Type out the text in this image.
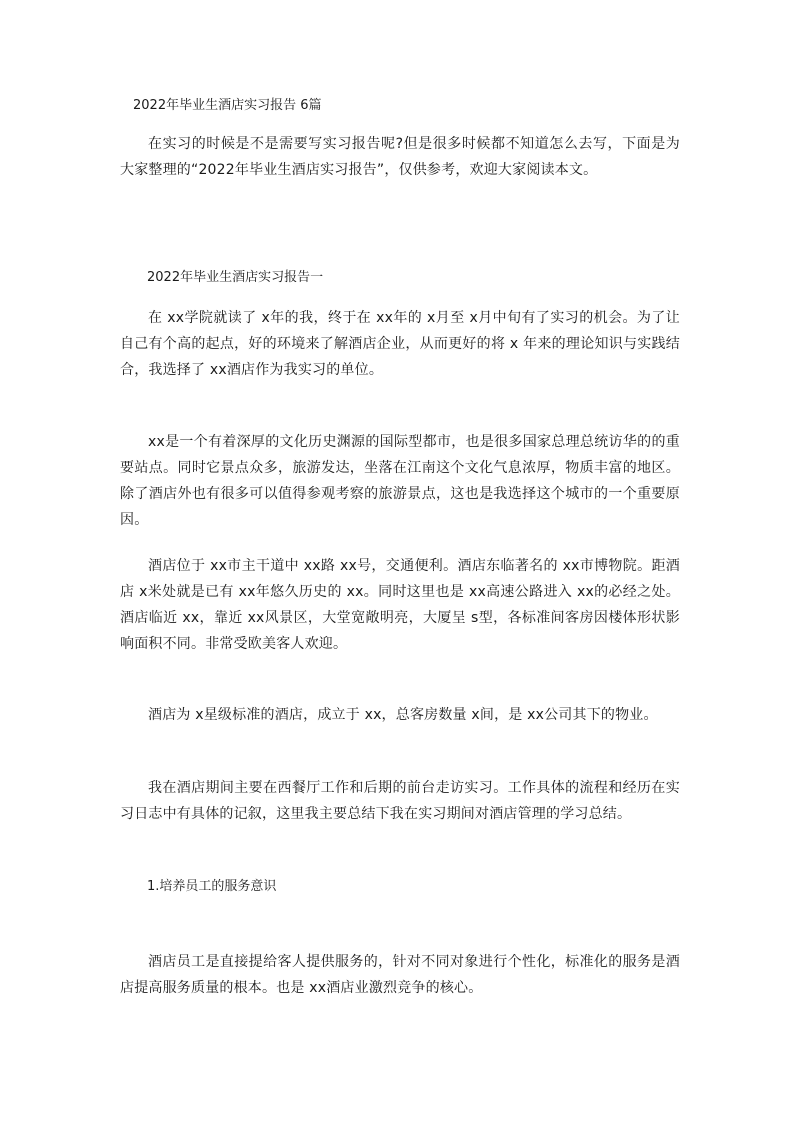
2022年毕业生酒店实习报告 6篇
在实习的时候是不是需要写实习报告呢?但是很多时候都不知道怎么去写，下面是为大家整理的“2022年毕业生酒店实习报告”，仅供参考，欢迎大家阅读本文。
2022年毕业生酒店实习报告一
在 xx学院就读了 x年的我，终于在 xx年的 x月至 x月中旬有了实习的机会。为了让自己有个高的起点，好的环境来了解酒店企业，从而更好的将 x 年来的理论知识与实践结合，我选择了 xx酒店作为我实习的单位。
xx是一个有着深厚的文化历史渊源的国际型都市，也是很多国家总理总统访华的的重要站点。同时它景点众多，旅游发达，坐落在江南这个文化气息浓厚，物质丰富的地区。除了酒店外也有很多可以值得参观考察的旅游景点，这也是我选择这个城市的一个重要原因。
酒店位于 xx市主干道中 xx路 xx号，交通便利。酒店东临著名的 xx市博物院。距酒店 x米处就是已有 xx年悠久历史的 xx。同时这里也是 xx高速公路进入 xx的必经之处。酒店临近 xx，靠近 xx风景区，大堂宽敞明亮，大厦呈 s型，各标准间客房因楼体形状影响面积不同。非常受欧美客人欢迎。
酒店为 x星级标准的酒店，成立于 xx，总客房数量 x间，是 xx公司其下的物业。
我在酒店期间主要在西餐厅工作和后期的前台走访实习。工作具体的流程和经历在实习日志中有具体的记叙，这里我主要总结下我在实习期间对酒店管理的学习总结。
1.培养员工的服务意识
酒店员工是直接提给客人提供服务的，针对不同对象进行个性化，标准化的服务是酒店提高服务质量的根本。也是 xx酒店业激烈竞争的核心。
